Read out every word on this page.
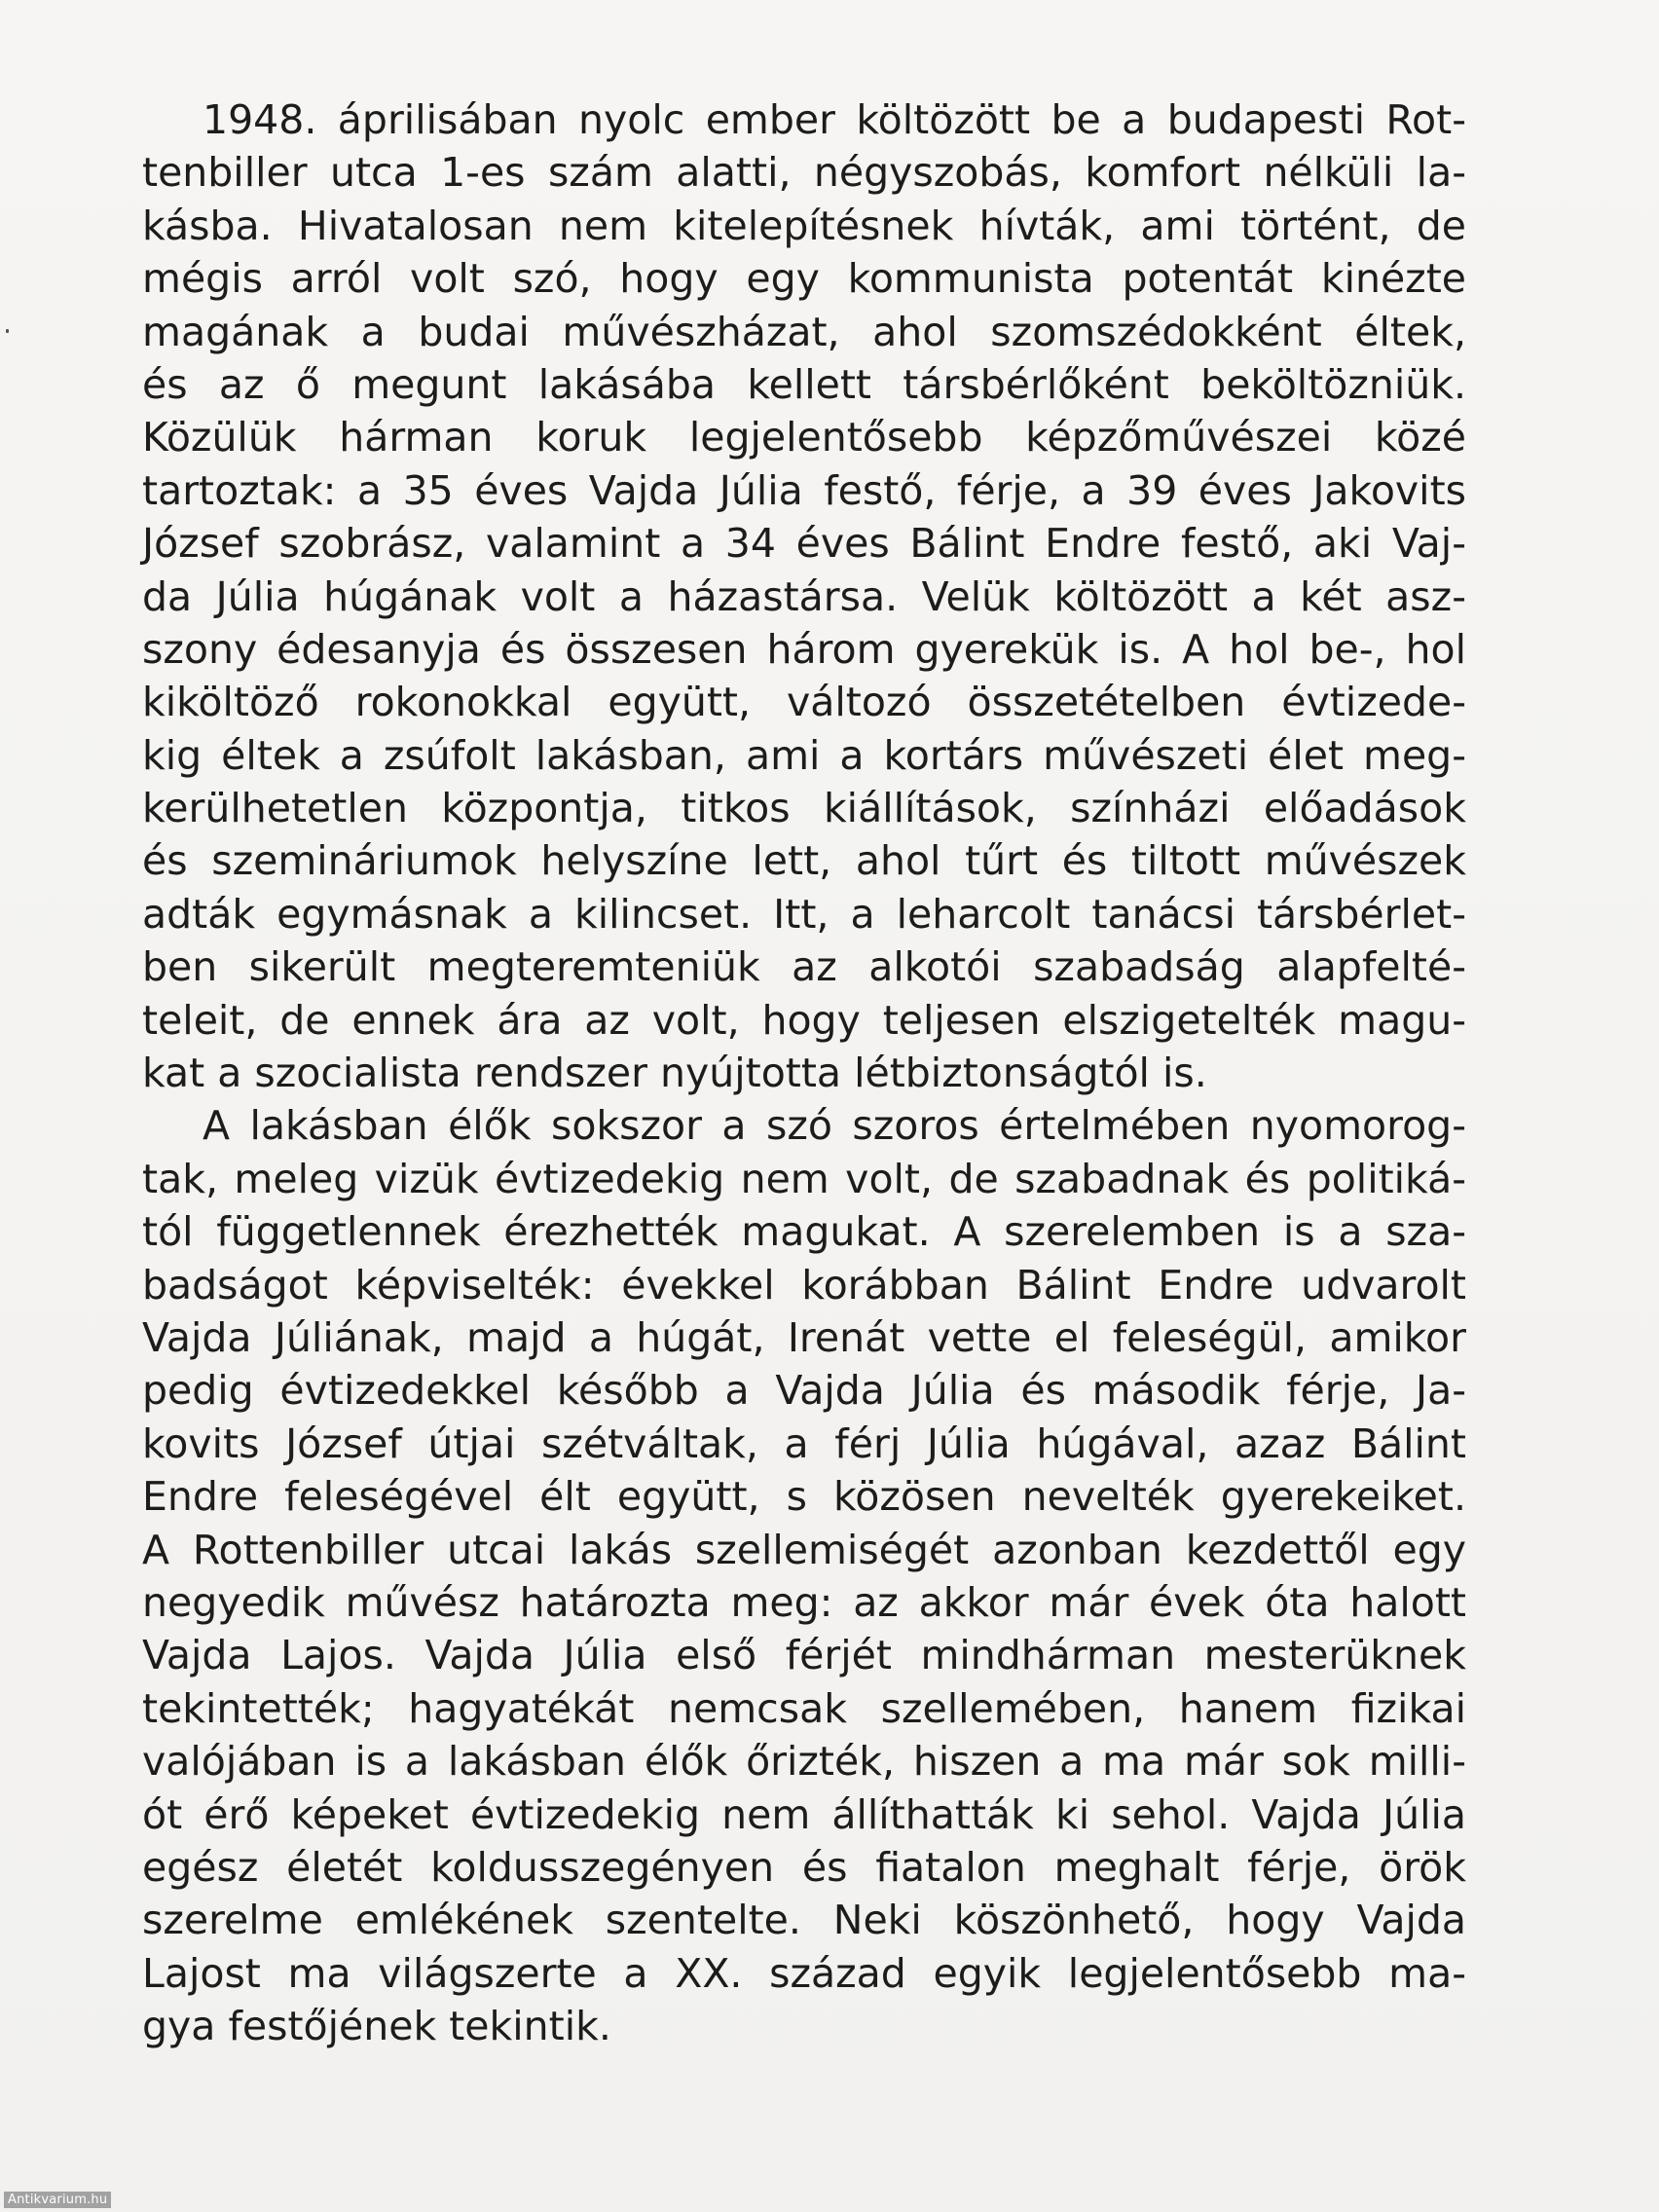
1948. áprilisában nyolc ember költözött be a budapesti Rot-
tenbiller utca 1-es szám alatti, négyszobás, komfort nélküli la-
kásba. Hivatalosan nem kitelepítésnek hívták, ami történt, de
mégis arról volt szó, hogy egy kommunista potentát kinézte
magának a budai művészházat, ahol szomszédokként éltek,
és az ő megunt lakásába kellett társbérlőként beköltözniük.
Közülük hárman koruk legjelentősebb képzőművészei közé
tartoztak: a 35 éves Vajda Júlia festő, férje, a 39 éves Jakovits
József szobrász, valamint a 34 éves Bálint Endre festő, aki Vaj-
da Júlia húgának volt a házastársa. Velük költözött a két asz-
szony édesanyja és összesen három gyerekük is. A hol be-, hol
kiköltöző rokonokkal együtt, változó összetételben évtizede-
kig éltek a zsúfolt lakásban, ami a kortárs művészeti élet meg-
kerülhetetlen központja, titkos kiállítások, színházi előadások
és szemináriumok helyszíne lett, ahol tűrt és tiltott művészek
adták egymásnak a kilincset. Itt, a leharcolt tanácsi társbérlet-
ben sikerült megteremteniük az alkotói szabadság alapfelté-
teleit, de ennek ára az volt, hogy teljesen elszigetelték magu-
kat a szocialista rendszer nyújtotta létbiztonságtól is.
A lakásban élők sokszor a szó szoros értelmében nyomorog-
tak, meleg vizük évtizedekig nem volt, de szabadnak és politiká-
tól függetlennek érezhették magukat. A szerelemben is a sza-
badságot képviselték: évekkel korábban Bálint Endre udvarolt
Vajda Júliának, majd a húgát, Irenát vette el feleségül, amikor
pedig évtizedekkel később a Vajda Júlia és második férje, Ja-
kovits József útjai szétváltak, a férj Júlia húgával, azaz Bálint
Endre feleségével élt együtt, s közösen nevelték gyerekeiket.
A Rottenbiller utcai lakás szellemiségét azonban kezdettől egy
negyedik művész határozta meg: az akkor már évek óta halott
Vajda Lajos. Vajda Júlia első férjét mindhárman mesterüknek
tekintették; hagyatékát nemcsak szellemében, hanem fizikai
valójában is a lakásban élők őrizték, hiszen a ma már sok milli-
ót érő képeket évtizedekig nem állíthatták ki sehol. Vajda Júlia
egész életét koldusszegényen és fiatalon meghalt férje, örök
szerelme emlékének szentelte. Neki köszönhető, hogy Vajda
Lajost ma világszerte a XX. század egyik legjelentősebb ma-
gya festőjének tekintik.
Antikvarium.hu
